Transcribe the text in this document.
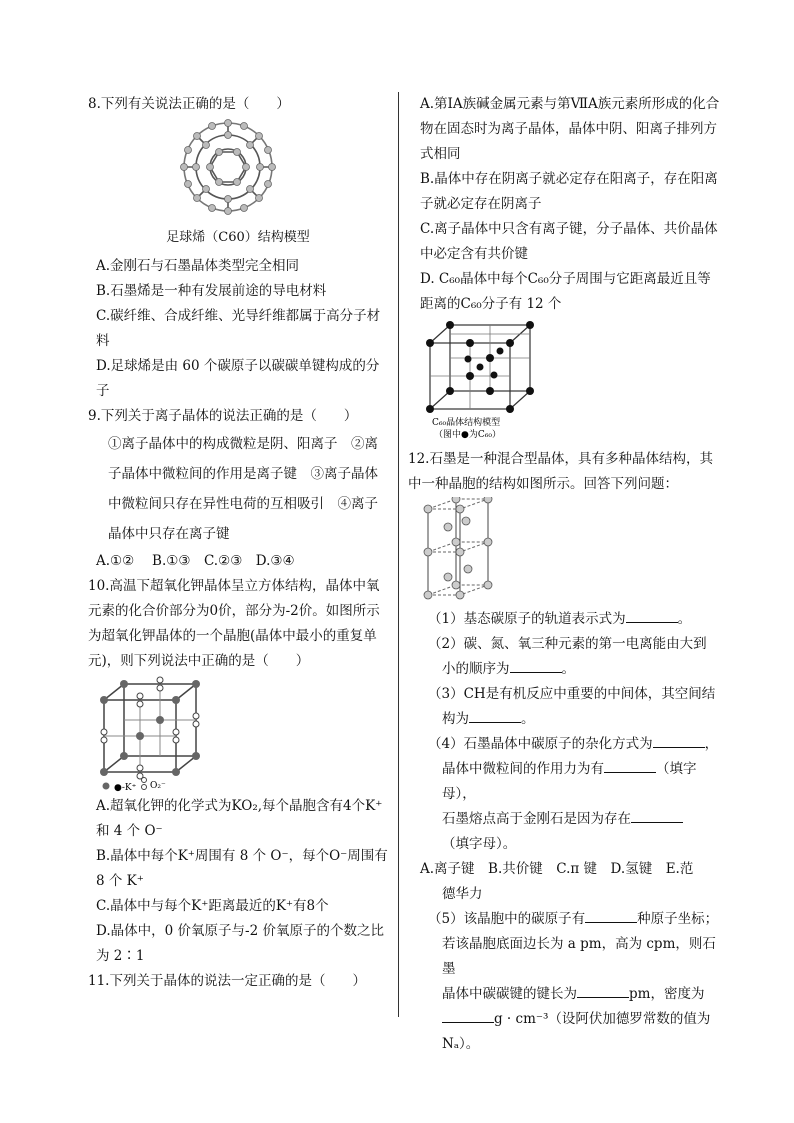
8.下列有关说法正确的是（　　）

足球烯（C60）结构模型

A.金刚石与石墨晶体类型完全相同

B.石墨烯是一种有发展前途的导电材料

C.碳纤维、合成纤维、光导纤维都属于高分子材料

D.足球烯是由 60 个碳原子以碳碳单键构成的分子

9.下列关于离子晶体的说法正确的是（　　）

①离子晶体中的构成微粒是阴、阳离子　②离子晶体中微粒间的作用是离子键　③离子晶体中微粒间只存在异性电荷的互相吸引　④离子晶体中只存在离子键

A.①②　 B.①③　C.②③　D.③④

10.高温下超氧化钾晶体呈立方体结构，晶体中氧元素的化合价部分为0价，部分为-2价。如图所示为超氧化钾晶体的一个晶胞(晶体中最小的重复单元)，则下列说法中正确的是（　　）

●-K⁺ O₂⁻

A.超氧化钾的化学式为KO₂,每个晶胞含有4个K⁺和 4 个 O⁻

B.晶体中每个K⁺周围有 8 个 O⁻，每个O⁻周围有 8 个 K⁺

C.晶体中与每个K⁺距离最近的K⁺有8个

D.晶体中，0 价氧原子与-2 价氧原子的个数之比为 2∶1

11.下列关于晶体的说法一定正确的是（　　）

A.第ⅠA族碱金属元素与第ⅦA族元素所形成的化合物在固态时为离子晶体，晶体中阴、阳离子排列方式相同

B.晶体中存在阴离子就必定存在阳离子，存在阳离子就必定存在阴离子

C.离子晶体中只含有离子键，分子晶体、共价晶体中必定含有共价键

D. C₆₀晶体中每个C₆₀分子周围与它距离最近且等距离的C₆₀分子有 12 个

C₆₀晶体结构模型
（图中●为C₆₀）

12.石墨是一种混合型晶体，具有多种晶体结构，其中一种晶胞的结构如图所示。回答下列问题：

（1）基态碳原子的轨道表示式为	。

（2）碳、氮、氧三种元素的第一电离能由大到

小的顺序为	。

（3）CH是有机反应中重要的中间体，其空间结

构为	。

（4）石墨晶体中碳原子的杂化方式为	，

晶体中微粒间的作用力为有	（填字母），

石墨熔点高于金刚石是因为存在

（填字母）。

A.离子键　B.共价键　C.π 键　D.氢键　E.范

德华力

（5）该晶胞中的碳原子有	种原子坐标；

若该晶胞底面边长为 a pm，高为 cpm，则石墨

晶体中碳碳键的键长为	pm，密度为

g · cm⁻³（设阿伏加德罗常数的值为

Nₐ）。
